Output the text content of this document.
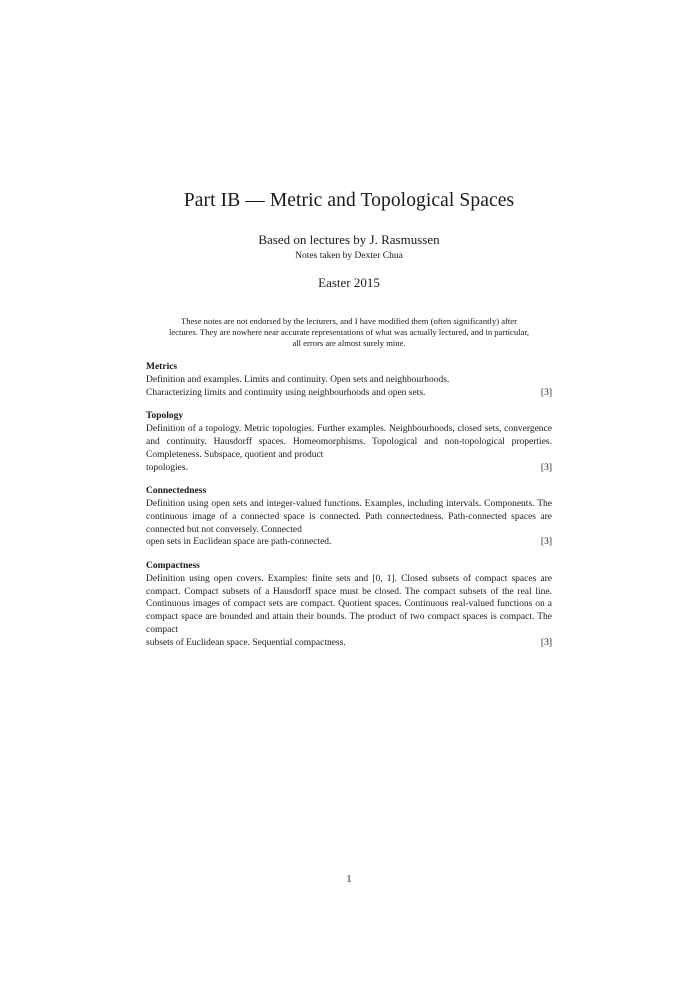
Part IB — Metric and Topological Spaces
Based on lectures by J. Rasmussen
Notes taken by Dexter Chua
Easter 2015
These notes are not endorsed by the lecturers, and I have modified them (often significantly) after lectures. They are nowhere near accurate representations of what was actually lectured, and in particular, all errors are almost surely mine.
Metrics
Definition and examples. Limits and continuity. Open sets and neighbourhoods.
Characterizing limits and continuity using neighbourhoods and open sets.	[3]
Topology
Definition of a topology. Metric topologies. Further examples. Neighbourhoods, closed sets, convergence and continuity. Hausdorff spaces. Homeomorphisms. Topological and non-topological properties. Completeness. Subspace, quotient and product
topologies.	[3]
Connectedness
Definition using open sets and integer-valued functions. Examples, including intervals. Components. The continuous image of a connected space is connected. Path connectedness. Path-connected spaces are connected but not conversely. Connected
open sets in Euclidean space are path-connected.	[3]
Compactness
Definition using open covers. Examples: finite sets and [0, 1]. Closed subsets of compact spaces are compact. Compact subsets of a Hausdorff space must be closed. The compact subsets of the real line. Continuous images of compact sets are compact. Quotient spaces. Continuous real-valued functions on a compact space are bounded and attain their bounds. The product of two compact spaces is compact. The compact
subsets of Euclidean space. Sequential compactness.	[3]
1
